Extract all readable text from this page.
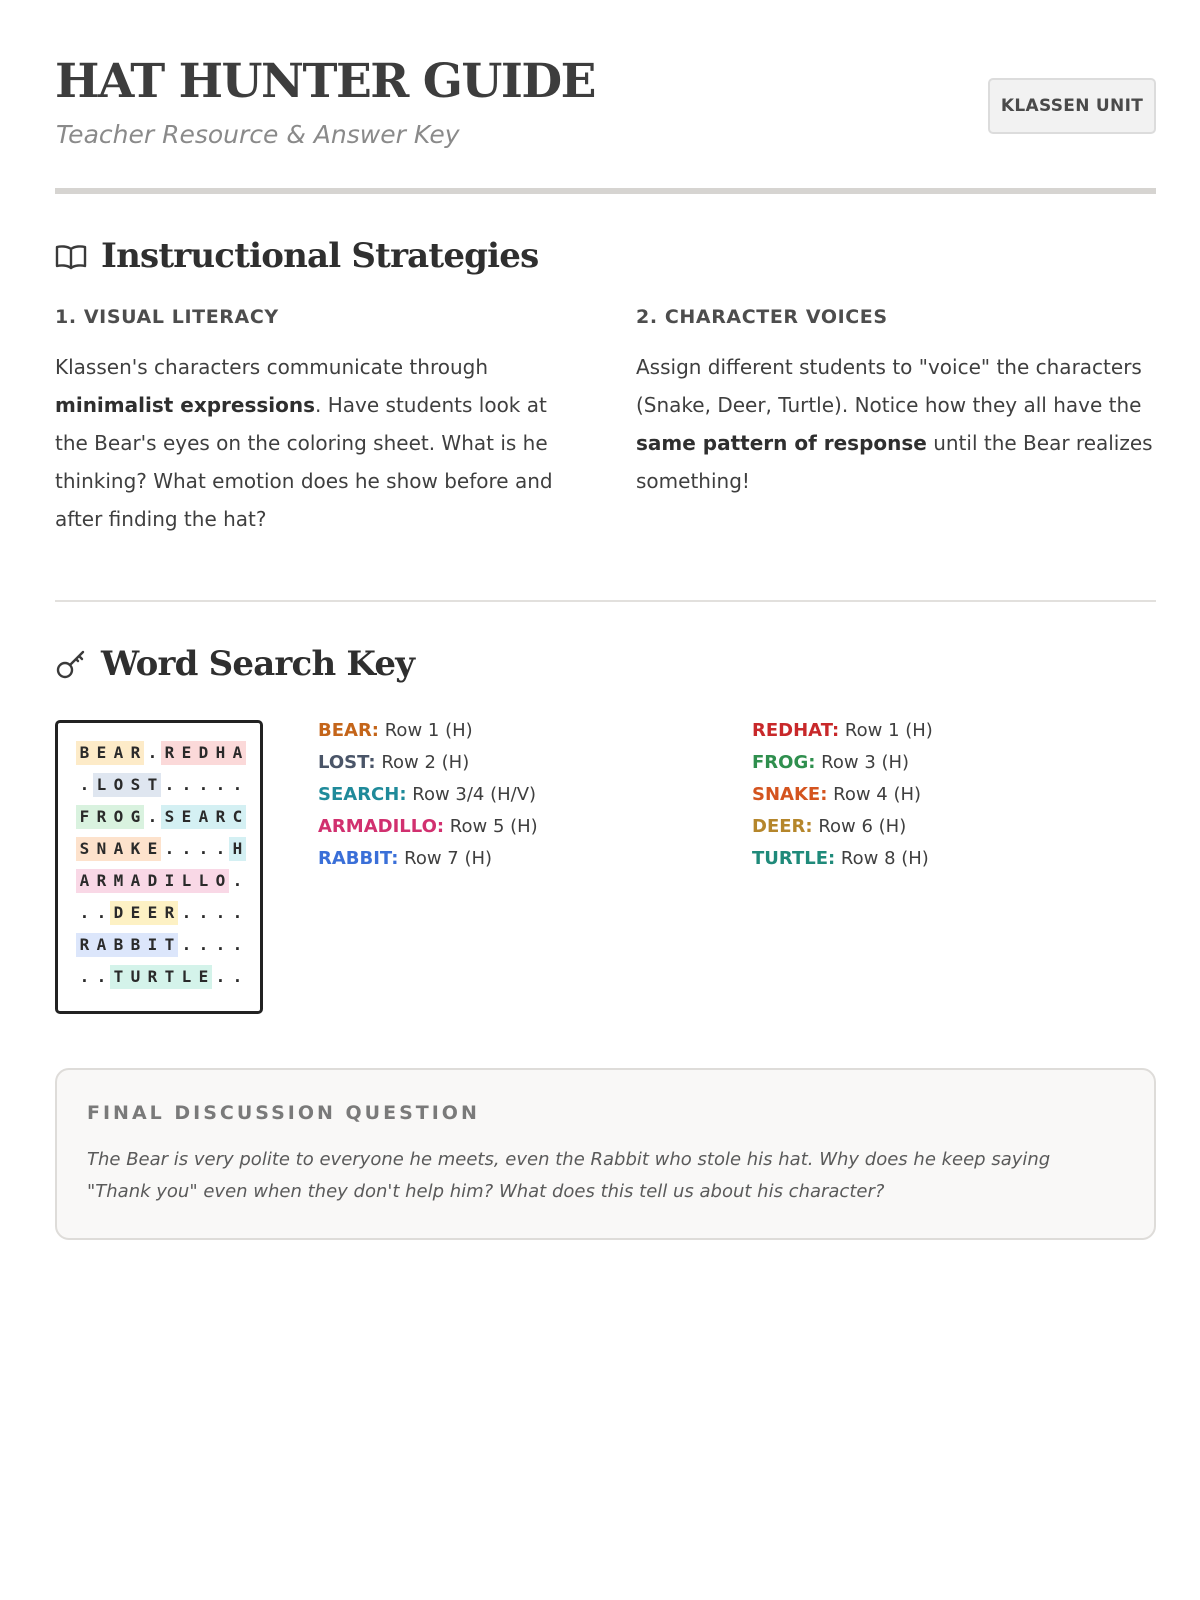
HAT HUNTER GUIDE
Teacher Resource & Answer Key
KLASSEN UNIT
Instructional Strategies
1. VISUAL LITERACY
Klassen's characters communicate through minimalist expressions. Have students look at the Bear's eyes on the coloring sheet. What is he thinking? What emotion does he show before and after finding the hat?
2. CHARACTER VOICES
Assign different students to "voice" the characters (Snake, Deer, Turtle). Notice how they all have the same pattern of response until the Bear realizes something!
Word Search Key
B E A R . R E D H A
. L O S T . . . . .
F R O G . S E A R C
S N A K E . . . . H
A R M A D I L L O .
. . D E E R . . . .
R A B B I T . . . .
. . T U R T L E . .
BEAR: Row 1 (H)
LOST: Row 2 (H)
SEARCH: Row 3/4 (H/V)
ARMADILLO: Row 5 (H)
RABBIT: Row 7 (H)
REDHAT: Row 1 (H)
FROG: Row 3 (H)
SNAKE: Row 4 (H)
DEER: Row 6 (H)
TURTLE: Row 8 (H)
FINAL DISCUSSION QUESTION
The Bear is very polite to everyone he meets, even the Rabbit who stole his hat. Why does he keep saying "Thank you" even when they don't help him? What does this tell us about his character?
